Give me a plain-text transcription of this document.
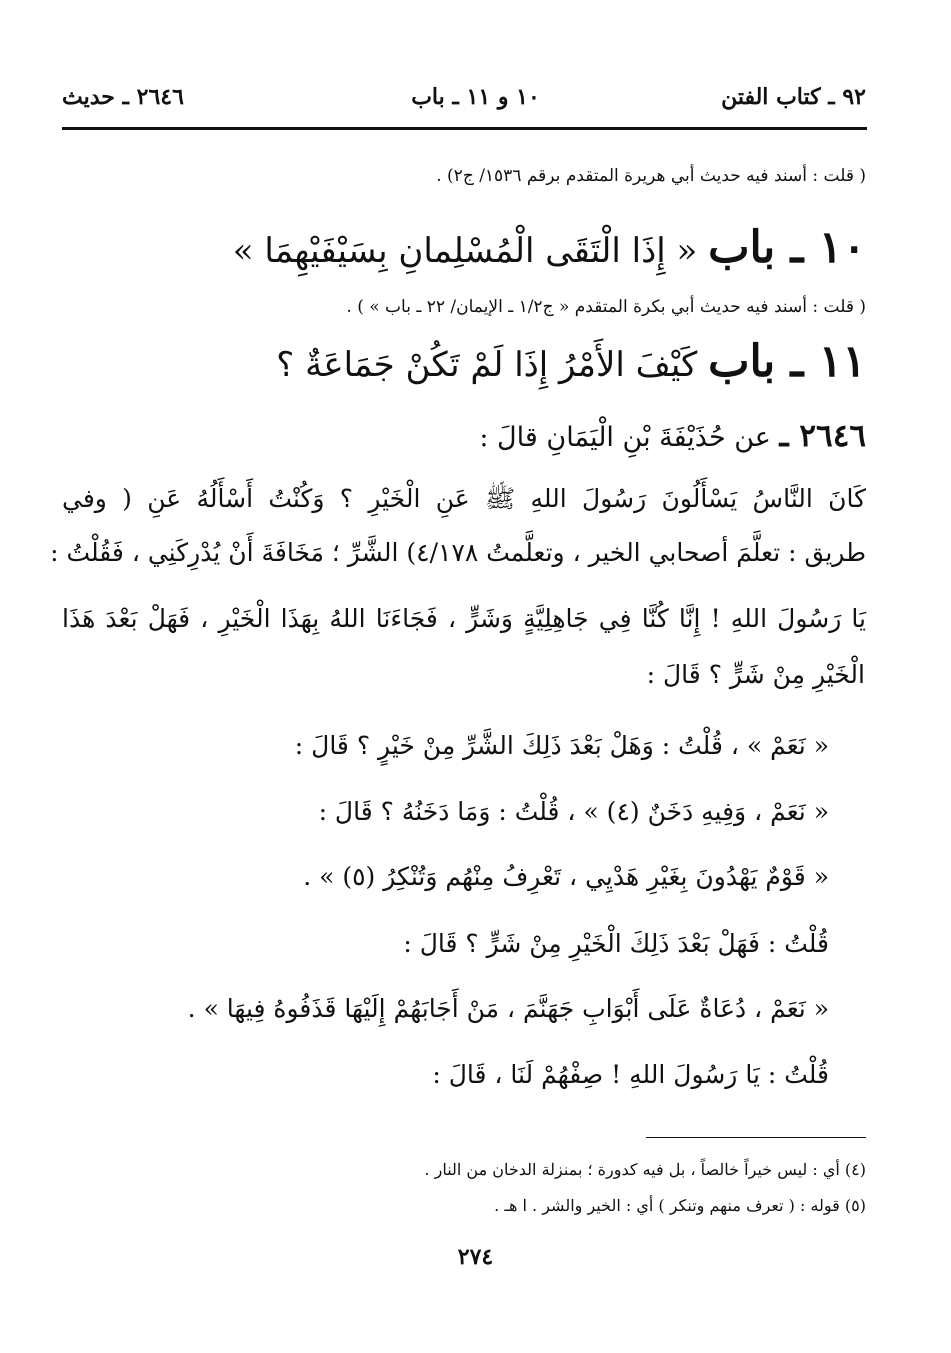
٩٢ ـ كتاب الفتن
١٠ و ١١ ـ باب
٢٦٤٦ ـ حديث
( قلت : أسند فيه حديث أبي هريرة المتقدم برقم ١٥٣٦/ ج٢) .
١٠ ـ باب « إِذَا الْتَقَى الْمُسْلِمانِ بِسَيْفَيْهِمَا »
( قلت : أسند فيه حديث أبي بكرة المتقدم « ج١/٢ ـ الإيمان/ ٢٢ ـ باب » ) .
١١ ـ باب كَيْفَ الأَمْرُ إِذَا لَمْ تَكُنْ جَمَاعَةٌ ؟
٢٦٤٦ ـ عن حُذَيْفَةَ بْنِ الْيَمَانِ قالَ :
كَانَ النَّاسُ يَسْأَلُونَ رَسُولَ اللهِ ﷺ عَنِ الْخَيْرِ ؟ وَكُنْتُ أَسْأَلُهُ عَنِ ( وفي
طريق : تعلَّمَ أصحابي الخير ، وتعلَّمتُ ٤/١٧٨) الشَّرِّ ؛ مَخَافَةَ أَنْ يُدْرِكَنِي ، فَقُلْتُ :
يَا رَسُولَ اللهِ ! إِنَّا كُنَّا فِي جَاهِلِيَّةٍ وَشَرٍّ ، فَجَاءَنَا اللهُ بِهَذَا الْخَيْرِ ، فَهَلْ بَعْدَ هَذَا
الْخَيْرِ مِنْ شَرٍّ ؟ قَالَ :
« نَعَمْ » ، قُلْتُ : وَهَلْ بَعْدَ ذَلِكَ الشَّرِّ مِنْ خَيْرٍ ؟ قَالَ :
« نَعَمْ ، وَفِيهِ دَخَنٌ (٤) » ، قُلْتُ : وَمَا دَخَنُهُ ؟ قَالَ :
« قَوْمٌ يَهْدُونَ بِغَيْرِ هَدْيِي ، تَعْرِفُ مِنْهُم وَتُنْكِرُ (٥) » .
قُلْتُ : فَهَلْ بَعْدَ ذَلِكَ الْخَيْرِ مِنْ شَرٍّ ؟ قَالَ :
« نَعَمْ ، دُعَاةٌ عَلَى أَبْوَابِ جَهَنَّمَ ، مَنْ أَجَابَهُمْ إِلَيْهَا قَذَفُوهُ فِيهَا » .
قُلْتُ : يَا رَسُولَ اللهِ ! صِفْهُمْ لَنَا ، قَالَ :
(٤) أي : ليس خيراً خالصاً ، بل فيه كدورة ؛ بمنزلة الدخان من النار .
(٥) قوله : ( تعرف منهم وتنكر ) أي : الخير والشر . ا هـ .
٢٧٤
